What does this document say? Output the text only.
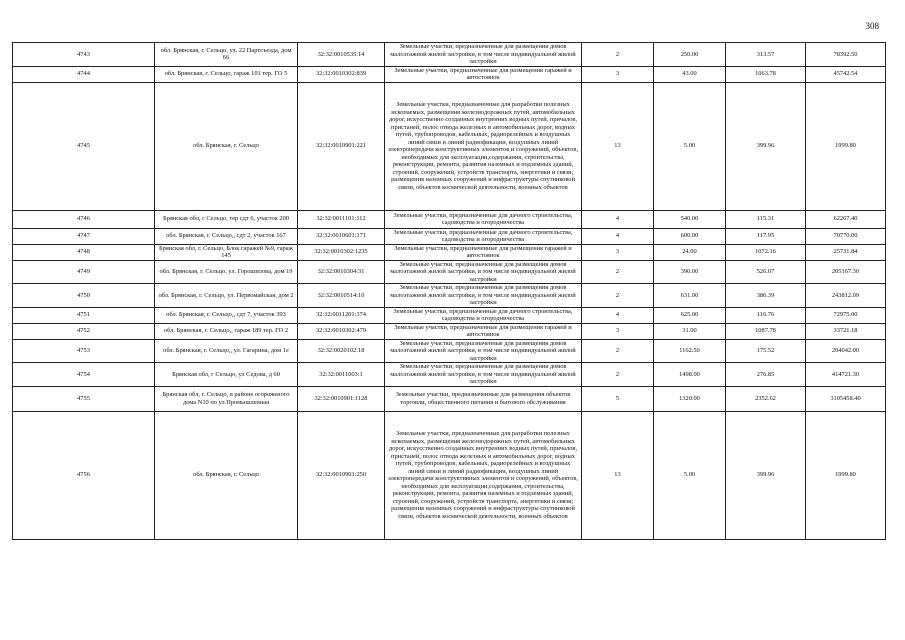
308
4743	обл. Брянская, г. Сельцо, ул. 22 Партсъезда, дом 66	32:32:0010535:14	Земельные участки, предназначенные для размещения домов малоэтажной жилой застройки, в том числе индивидуальной жилой застройки	2	250.00	313.57	78392.50
4744	обл. Брянская, г. Сельцо, гараж 101 тер. ГО 5	32:32:0010302:839	Земельные участки, предназначенные для размещения гаражей и автостоянок	3	43.00	1063.78	45742.54
4745	обл. Брянская, г. Сельцо	32:32:0010901:221	Земельные участки, предназначенные для разработки полезных ископаемых, размещения железнодорожных путей, автомобильных дорог, искусственно созданных внутренних водных путей, причалов, пристаней, полос отвода железных и автомобильных дорог, водных путей, трубопроводов, кабельных, радиорелейных и воздушных линий связи и линий радиофикации, воздушных линий электропередачи конструктивных элементов и сооружений, объектов, необходимых для эксплуатации,содержания, строительства, реконструкции, ремонта, развития наземных и подземных зданий, строений, сооружений, устройств транспорта, энергетики и связи; размещения наземных сооружений и инфраструктуры спутниковой связи, объектов космической деятельности, военных объектов	13	5.00	399.96	1999.80
4746	Брянская обл, г Сельцо, тер сдт 6, участок 200	32:32:0011101:112	Земельные участки, предназначенные для дачного строительства, садоводства и огородничества	4	540.00	115.31	62267.40
4747	обл. Брянская, г. Сельцо,, сдт 2, участок 167	32:32:0010601:171	Земельные участки, предназначенные для дачного строительства, садоводства и огородничества	4	600.00	117.95	70770.00
4748	Брянская обл, г. Сельцо, Блок гаражей №9, гараж 145	32:32:0010302:1235	Земельные участки, предназначенные для размещения гаражей и автостоянок	3	24.00	1072.16	25731.84
4749	обл. Брянская, г. Сельцо, ул. Горошилова, дом 19	32:32:0010304:31	Земельные участки, предназначенные для размещения домов малоэтажной жилой застройки, в том числе индивидуальной жилой застройки	2	390.00	526.07	205167.30
4750	обл. Брянская, г. Сельцо, ул. Первомайская, дом 2	32:32:0010514:10	Земельные участки, предназначенные для размещения домов малоэтажной жилой застройки, в том числе индивидуальной жилой застройки	2	631.00	386.39	243812.09
4751	обл. Брянская, г. Сельцо,, сдт 7, участок 393	32:32:0011201:374	Земельные участки, предназначенные для дачного строительства, садоводства и огородничества	4	625.00	116.76	72975.00
4752	обл. Брянская, г. Сельцо,, гараж 189 тер. ГО 2	32:32:0010302:479	Земельные участки, предназначенные для размещения гаражей и автостоянок	3	31.00	1087.78	33721.18
4753	обл. Брянская, г. Сельцо,, ул. Гагарина, дом 1е	32:32:0020102:18	Земельные участки, предназначенные для размещения домов малоэтажной жилой застройки, в том числе индивидуальной жилой застройки	2	1162.50	175.52	204042.00
4754	Брянская обл, г Сельцо, ул Седова, д 60	32:32:0011003:1	Земельные участки, предназначенные для размещения домов малоэтажной жилой застройки, в том числе индивидуальной жилой застройки	2	1498.00	276.85	414721.30
4755	Брянская обл, г. Сельцо, в районе огороженого дома N10 по ул Промышленная	32:32:0010901:1128	Земельные участки, предназначенные для размещения объектов торговли, общественного питания и бытового обслуживания	5	1320.00	2352.62	3105458.40
4756	обл. Брянская, г. Сельцо	32:32:0010901:250	Земельные участки, предназначенные для разработки полезных ископаемых, размещения железнодорожных путей, автомобильных дорог, искусственно созданных внутренних водных путей, причалов, пристаней, полос отвода железных и автомобильных дорог, водных путей, трубопроводов, кабельных, радиорелейных и воздушных линий связи и линий радиофикации, воздушных линий электропередачи конструктивных элементов и сооружений, объектов, необходимых для эксплуатации,содержания, строительства, реконструкции, ремонта, развития наземных и подземных зданий, строений, сооружений, устройств транспорта, энергетики и связи; размещения наземных сооружений и инфраструктуры спутниковой связи, объектов космической деятельности, военных объектов	13	5.00	399.96	1999.80
